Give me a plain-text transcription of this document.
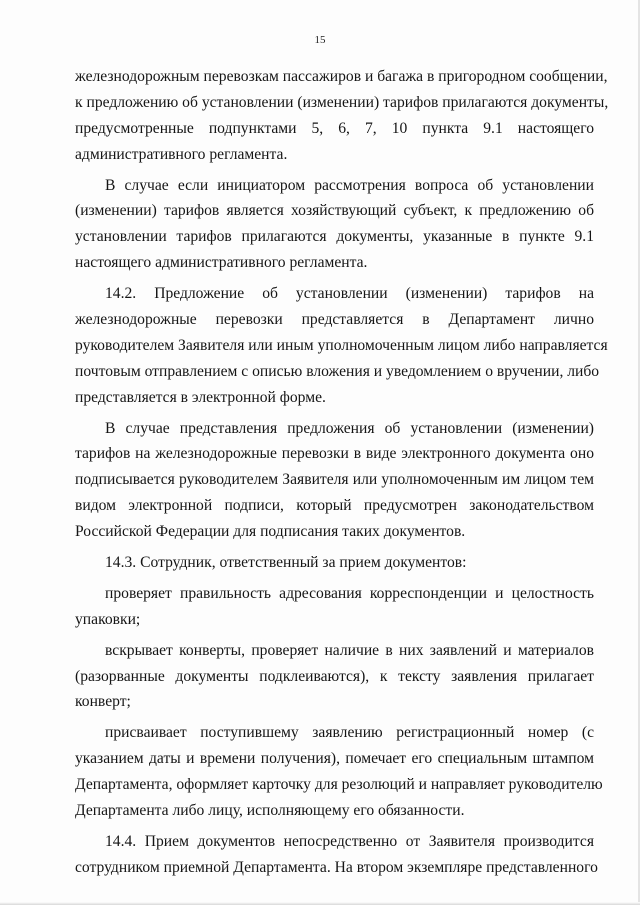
15
железнодорожным перевозкам пассажиров и багажа в пригородном сообщении,
к предложению об установлении (изменении) тарифов прилагаются документы,
предусмотренные подпунктами 5, 6, 7, 10 пункта 9.1 настоящего
административного регламента.
В случае если инициатором рассмотрения вопроса об установлении
(изменении) тарифов является хозяйствующий субъект, к предложению об
установлении тарифов прилагаются документы, указанные в пункте 9.1
настоящего административного регламента.
14.2. Предложение об установлении (изменении) тарифов на
железнодорожные перевозки представляется в Департамент лично
руководителем Заявителя или иным уполномоченным лицом либо направляется
почтовым отправлением с описью вложения и уведомлением о вручении, либо
представляется в электронной форме.
В случае представления предложения об установлении (изменении)
тарифов на железнодорожные перевозки в виде электронного документа оно
подписывается руководителем Заявителя или уполномоченным им лицом тем
видом электронной подписи, который предусмотрен законодательством
Российской Федерации для подписания таких документов.
14.3. Сотрудник, ответственный за прием документов:
проверяет правильность адресования корреспонденции и целостность
упаковки;
вскрывает конверты, проверяет наличие в них заявлений и материалов
(разорванные документы подклеиваются), к тексту заявления прилагает
конверт;
присваивает поступившему заявлению регистрационный номер (с
указанием даты и времени получения), помечает его специальным штампом
Департамента, оформляет карточку для резолюций и направляет руководителю
Департамента либо лицу, исполняющему его обязанности.
14.4. Прием документов непосредственно от Заявителя производится
сотрудником приемной Департамента. На втором экземпляре представленного
